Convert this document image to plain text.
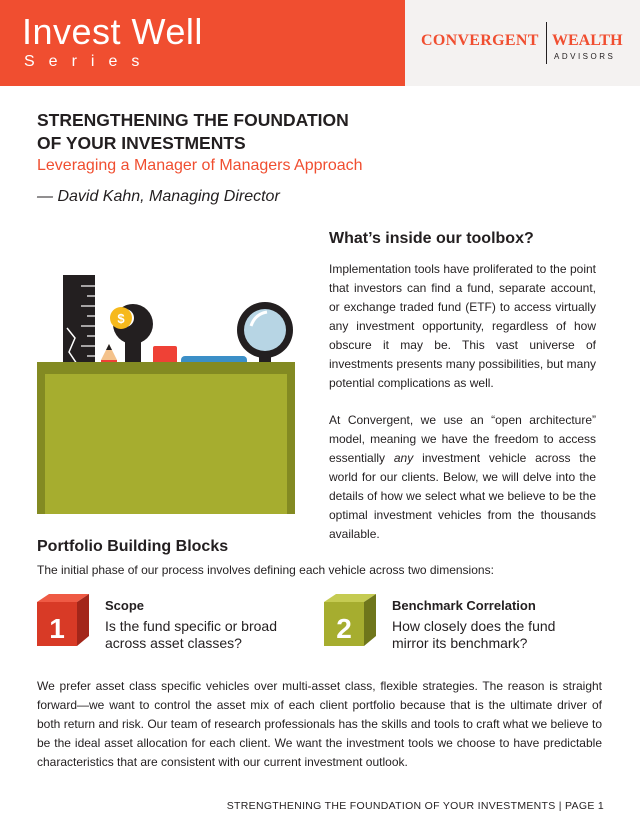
Invest Well
Series
CONVERGENT WEALTH
ADVISORS
STRENGTHENING THE FOUNDATION
OF YOUR INVESTMENTS
Leveraging a Manager of Managers Approach
— David Kahn, Managing Director
$
What’s inside our toolbox?
Implementation tools have proliferated to the point that investors can find a fund, separate account, or exchange traded fund (ETF) to access virtually any investment opportunity, regardless of how obscure it may be. This vast universe of investments presents many possibilities, but many potential complications as well.
At Convergent, we use an “open architecture” model, meaning we have the freedom to access essentially any investment vehicle across the world for our clients. Below, we will delve into the details of how we select what we believe to be the optimal investment vehicles from the thousands available.
Portfolio Building Blocks
The initial phase of our process involves defining each vehicle across two dimensions:
1
Scope
Is the fund specific or broad
across asset classes?	2
Benchmark Correlation
How closely does the fund
mirror its benchmark?
We prefer asset class specific vehicles over multi-asset class, flexible strategies. The reason is straight forward—we want to control the asset mix of each client portfolio because that is the ultimate driver of both return and risk. Our team of research professionals has the skills and tools to craft what we believe to be the ideal asset allocation for each client. We want the investment tools we choose to have predictable characteristics that are consistent with our current investment outlook.
STRENGTHENING THE FOUNDATION OF YOUR INVESTMENTS | PAGE 1
